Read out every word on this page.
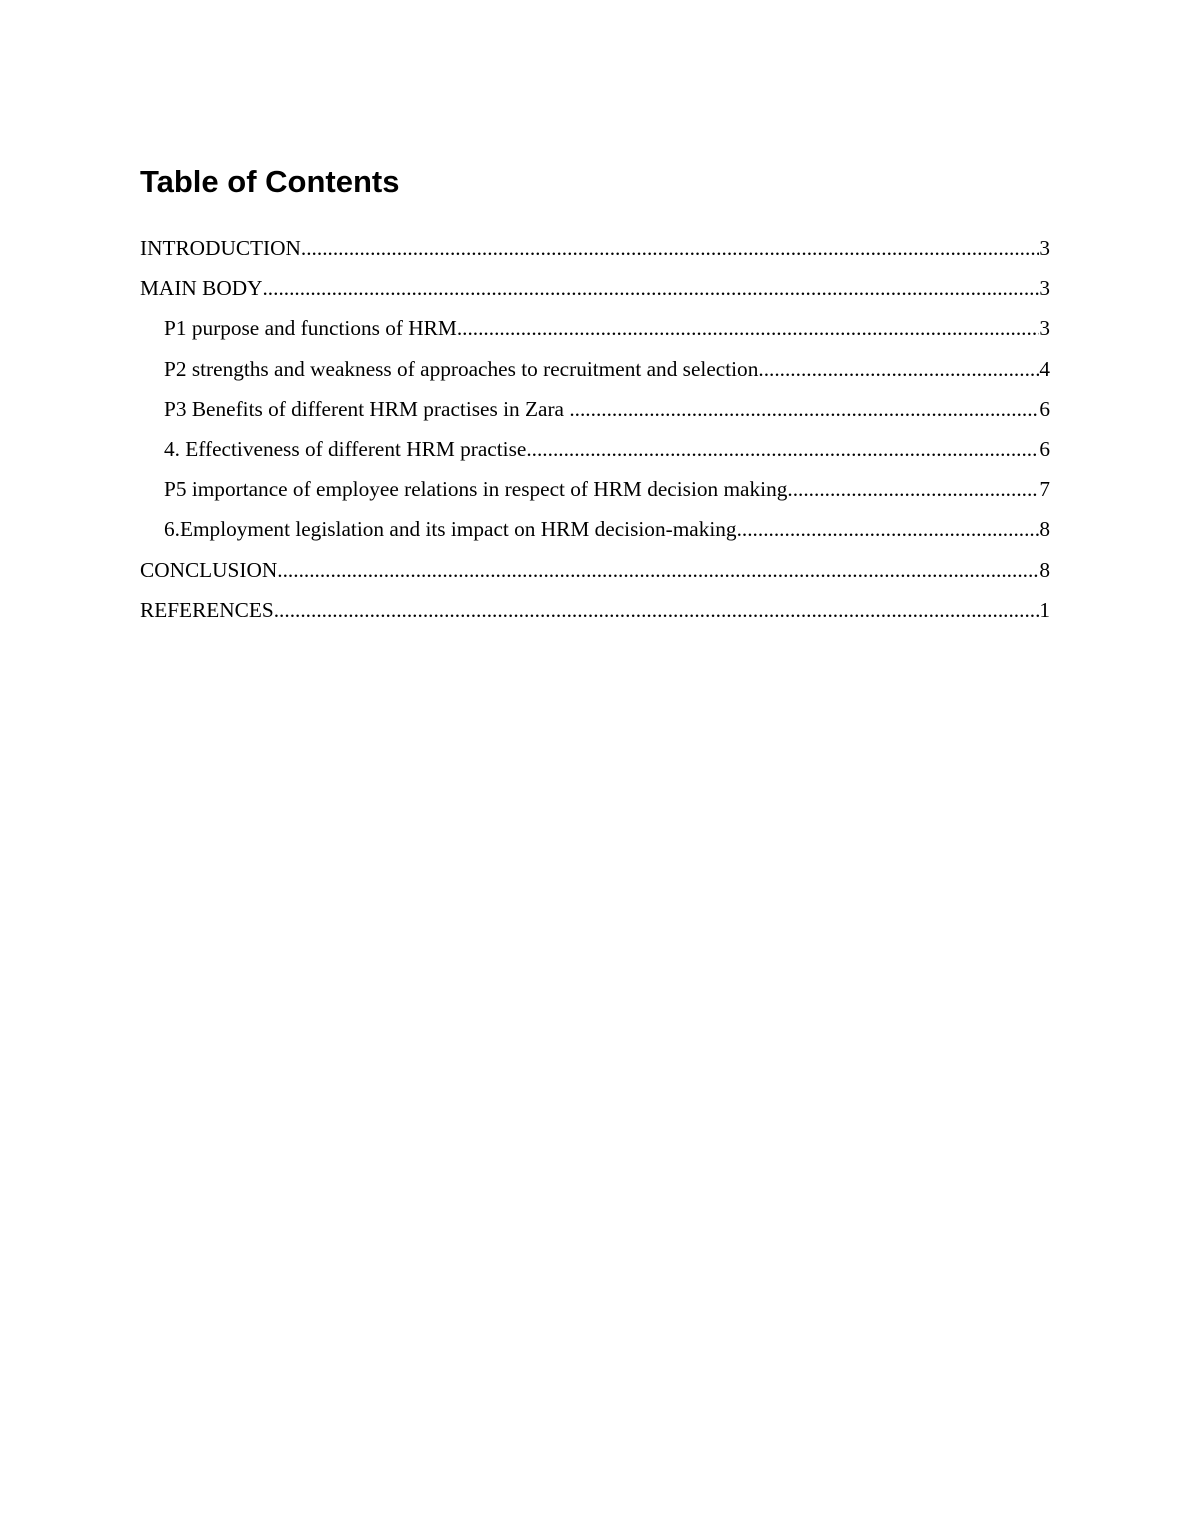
Table of Contents
INTRODUCTION .....	3
MAIN BODY .....	3
P1 purpose and functions of HRM .....	3
P2 strengths and weakness of approaches to recruitment and selection. .....	4
P3 Benefits of different HRM practises in Zara .....	6
4. Effectiveness of different HRM practise .....	6
P5 importance of employee relations in respect of HRM decision making .....	7
6.Employment legislation and its impact on HRM decision-making .....	8
CONCLUSION .....	8
REFERENCES .....	1
